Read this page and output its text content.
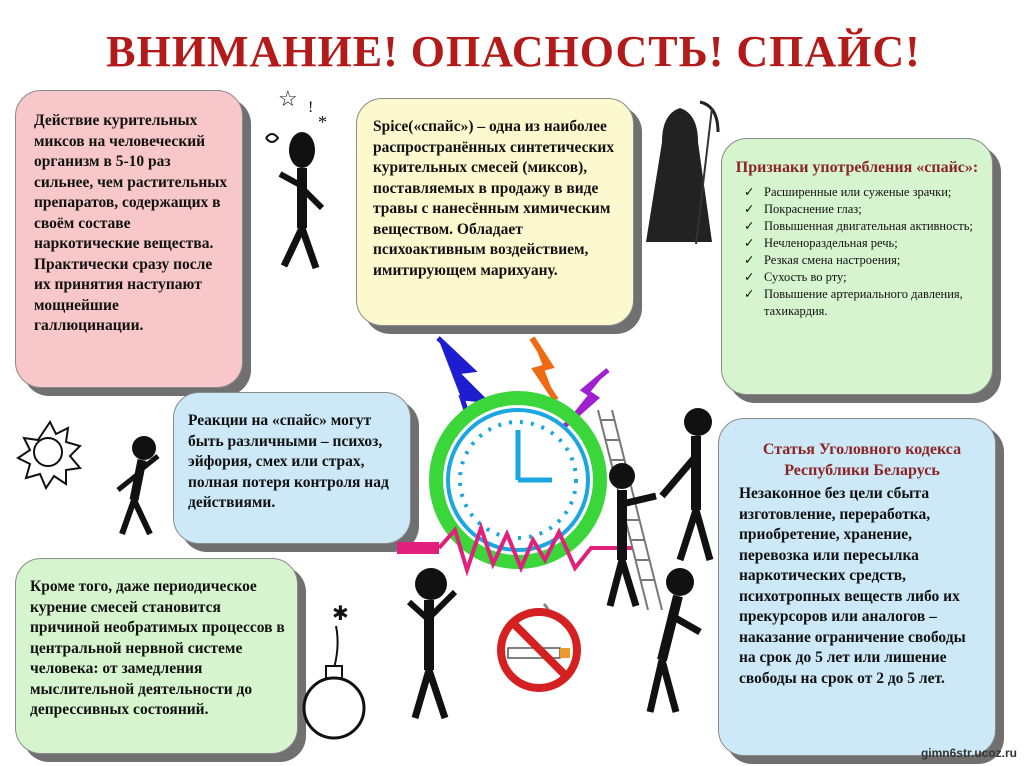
ВНИМАНИЕ! ОПАСНОСТЬ! СПАЙС!
Действие курительных миксов на человеческий организм в 5-10 раз сильнее, чем растительных препаратов, содержащих в своём составе наркотические вещества. Практически сразу после их принятия наступают мощнейшие галлюцинации.
Spice(«спайс») – одна из наиболее распространённых синтетических курительных смесей (миксов), поставляемых в продажу в виде травы с нанесённым химическим веществом. Обладает психоактивным воздействием, имитирующем марихуану.
Признаки употребления «спайс»:
✓ Расширенные или суженые зрачки;
✓ Покраснение глаз;
✓ Повышенная двигательная активность;
✓ Нечленораздельная речь;
✓ Резкая смена настроения;
✓ Сухость во рту;
✓ Повышение артериального давления, тахикардия.
Реакции на «спайс» могут быть различными – психоз, эйфория, смех или страх, полная потеря контроля над действиями.
Статья Уголовного кодекса Республики Беларусь
Незаконное без цели сбыта изготовление, переработка, приобретение, хранение, перевозка или пересылка наркотических средств, психотропных веществ либо их прекурсоров или аналогов – наказание ограничение свободы на срок до 5 лет или лишение свободы на срок от 2 до 5 лет.
Кроме того, даже периодическое курение смесей становится причиной необратимых процессов в центральной нервной системе человека: от замедления мыслительной деятельности до депрессивных состояний.
☆ !
*
✱
gimn6str.ucoz.ru
